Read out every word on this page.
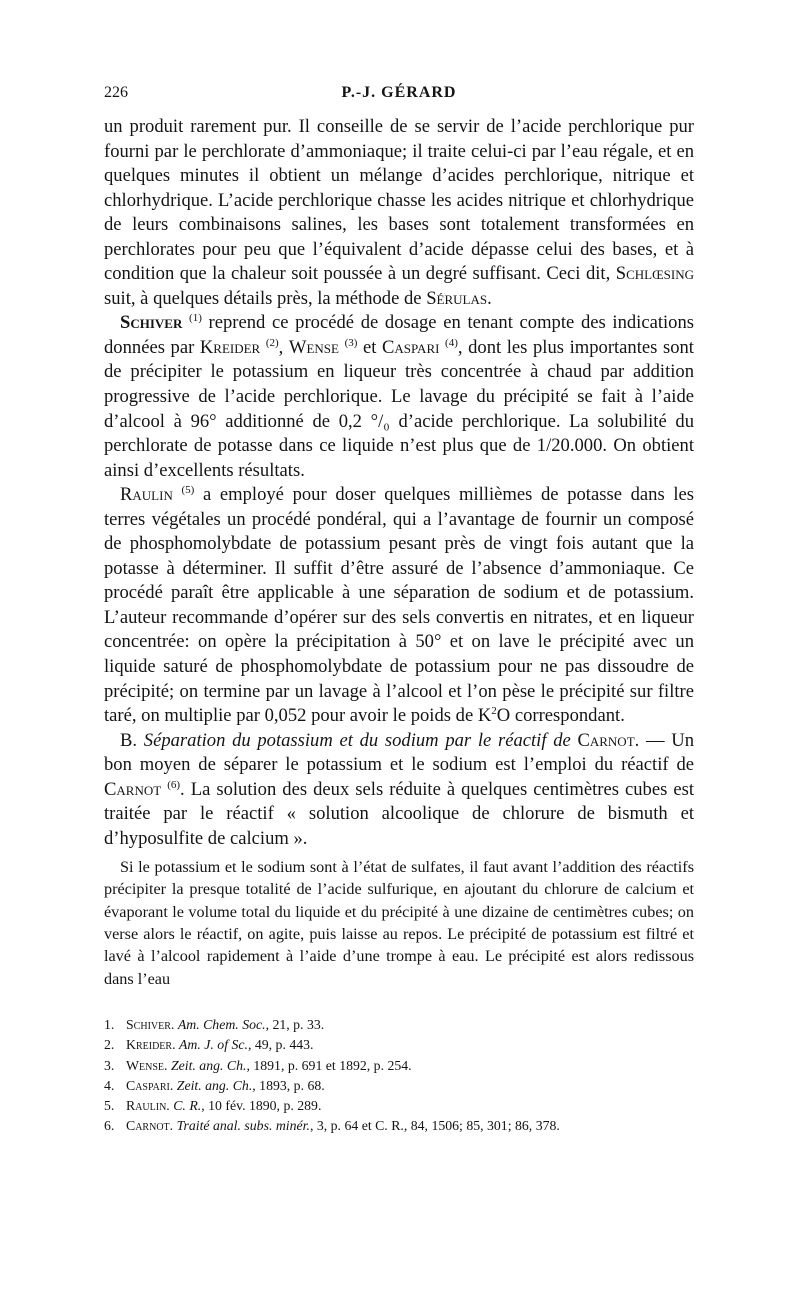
226	P.-J. GÉRARD

un produit rarement pur. Il conseille de se servir de l’acide perchlorique pur fourni par le perchlorate d’ammoniaque; il traite celui-ci par l’eau régale, et en quelques minutes il obtient un mélange d’acides perchlorique, nitrique et chlorhydrique. L’acide perchlorique chasse les acides nitrique et chlorhydrique de leurs combinaisons salines, les bases sont totalement transformées en perchlorates pour peu que l’équivalent d’acide dépasse celui des bases, et à condition que la chaleur soit poussée à un degré suffisant. Ceci dit, Schlœsing suit, à quelques détails près, la méthode de Sérulas.

Schiver $^{(1)}$ reprend ce procédé de dosage en tenant compte des indications données par Kreider $^{(2)}$, Wense $^{(3)}$ et Caspari $^{(4)}$, dont les plus importantes sont de précipiter le potassium en liqueur très concentrée à chaud par addition progressive de l’acide perchlorique. Le lavage du précipité se fait à l’aide d’alcool à 96° additionné de 0,2 °/₀ d’acide perchlorique. La solubilité du perchlorate de potasse dans ce liquide n’est plus que de 1/20.000. On obtient ainsi d’excellents résultats.

Raulin $^{(5)}$ a employé pour doser quelques millièmes de potasse dans les terres végétales un procédé pondéral, qui a l’avantage de fournir un composé de phosphomolybdate de potassium pesant près de vingt fois autant que la potasse à déterminer. Il suffit d’être assuré de l’absence d’ammoniaque. Ce procédé paraît être applicable à une séparation de sodium et de potassium. L’auteur recommande d’opérer sur des sels convertis en nitrates, et en liqueur concentrée: on opère la précipitation à 50° et on lave le précipité avec un liquide saturé de phosphomolybdate de potassium pour ne pas dissoudre de précipité; on termine par un lavage à l’alcool et l’on pèse le précipité sur filtre taré, on multiplie par 0,052 pour avoir le poids de $K^2O$ correspondant.

B. Séparation du potassium et du sodium par le réactif de Carnot. — Un bon moyen de séparer le potassium et le sodium est l’emploi du réactif de Carnot $^{(6)}$. La solution des deux sels réduite à quelques centimètres cubes est traitée par le réactif « solution alcoolique de chlorure de bismuth et d’hyposulfite de calcium ».

Si le potassium et le sodium sont à l’état de sulfates, il faut avant l’addition des réactifs précipiter la presque totalité de l’acide sulfurique, en ajoutant du chlorure de calcium et évaporant le volume total du liquide et du précipité à une dizaine de centimètres cubes; on verse alors le réactif, on agite, puis laisse au repos. Le précipité de potassium est filtré et lavé à l’alcool rapidement à l’aide d’une trompe à eau. Le précipité est alors redissous dans l’eau

1. Schiver. Am. Chem. Soc., 21, p. 33.
2. Kreider. Am. J. of Sc., 49, p. 443.
3. Wense. Zeit. ang. Ch., 1891, p. 691 et 1892, p. 254.
4. Caspari. Zeit. ang. Ch., 1893, p. 68.
5. Raulin. C. R., 10 fév. 1890, p. 289.
6. Carnot. Traité anal. subs. minér., 3, p. 64 et C. R., 84, 1506; 85, 301; 86, 378.
